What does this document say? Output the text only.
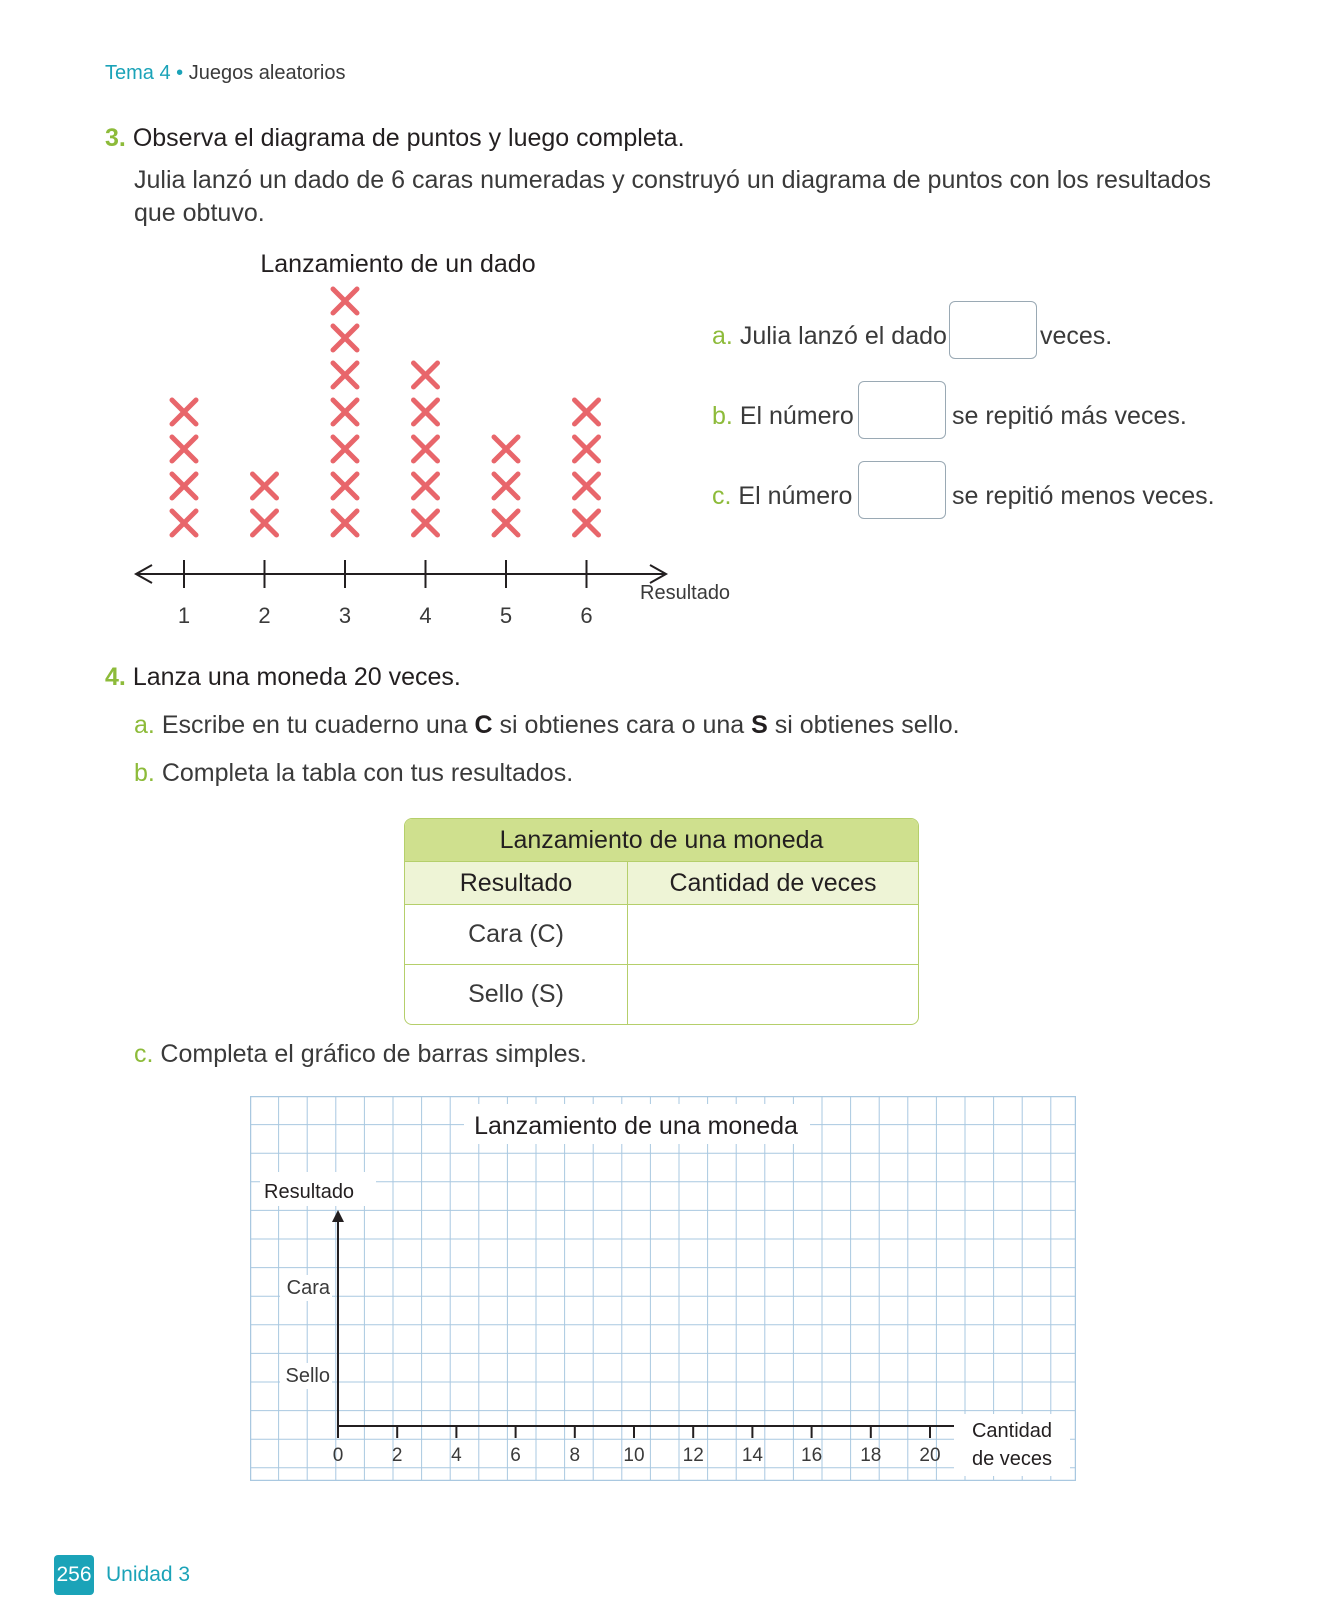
Tema 4 • Juegos aleatorios
3. Observa el diagrama de puntos y luego completa.
Julia lanzó un dado de 6 caras numeradas y construyó un diagrama de puntos con los resultados
que obtuvo.
Lanzamiento de un dado
1	2	3	4	5	6
Resultado
a. Julia lanzó el dado	veces.
b. El número	se repitió más veces.
c. El número	se repitió menos veces.
4. Lanza una moneda 20 veces.
a. Escribe en tu cuaderno una C si obtienes cara o una S si obtienes sello.
b. Completa la tabla con tus resultados.
Lanzamiento de una moneda	
Resultado	Cantidad de veces
Cara (C)	
Sello (S)	
c. Completa el gráfico de barras simples.
Lanzamiento de una moneda
Resultado
Cara
Sello
0	2	4	6	8 10 12 14 16 18 20
Cantidad
de veces
256 Unidad 3
